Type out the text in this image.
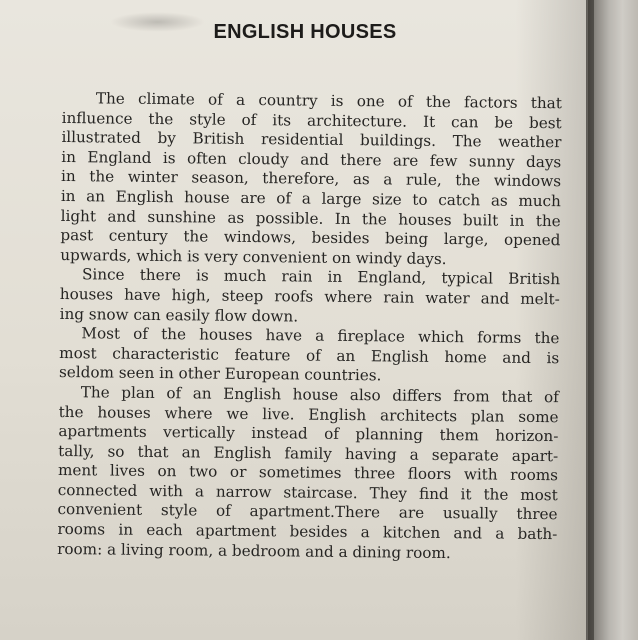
ENGLISH HOUSES
The climate of a country is one of the factors that
influence the style of its architecture. It can be best
illustrated by British residential buildings. The weather
in England is often cloudy and there are few sunny days
in the winter season, therefore, as a rule, the windows
in an English house are of a large size to catch as much
light and sunshine as possible. In the houses built in the
past century the windows, besides being large, opened
upwards, which is very convenient on windy days.
Since there is much rain in England, typical British
houses have high, steep roofs where rain water and melt-
ing snow can easily flow down.
Most of the houses have a fireplace which forms the
most characteristic feature of an English home and is
seldom seen in other European countries.
The plan of an English house also differs from that of
the houses where we live. English architects plan some
apartments vertically instead of planning them horizon-
tally, so that an English family having a separate apart-
ment lives on two or sometimes three floors with rooms
connected with a narrow staircase. They find it the most
convenient style of apartment.There are usually three
rooms in each apartment besides a kitchen and a bath-
room: a living room, a bedroom and a dining room.
